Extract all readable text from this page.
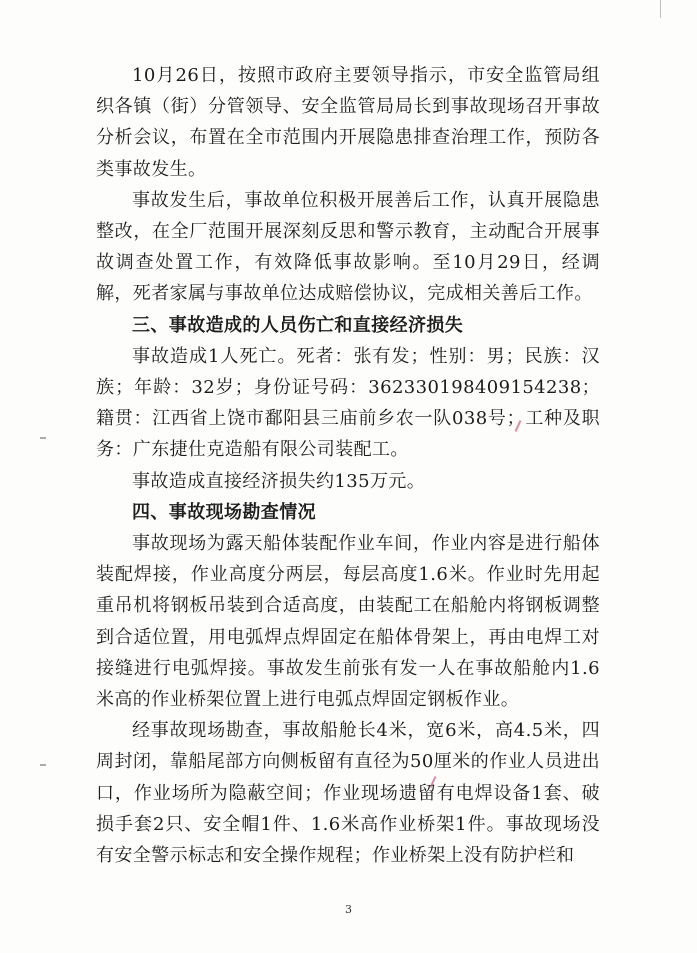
10月26日，按照市政府主要领导指示，市安全监管局组织各镇（街）分管领导、安全监管局局长到事故现场召开事故分析会议，布置在全市范围内开展隐患排查治理工作，预防各类事故发生。

事故发生后，事故单位积极开展善后工作，认真开展隐患整改，在全厂范围开展深刻反思和警示教育，主动配合开展事故调查处置工作，有效降低事故影响。至10月29日，经调解，死者家属与事故单位达成赔偿协议，完成相关善后工作。

三、事故造成的人员伤亡和直接经济损失

事故造成1人死亡。死者：张有发；性别：男；民族：汉族；年龄：32岁；身份证号码：362330198409154238；籍贯：江西省上饶市鄱阳县三庙前乡农一队038号；工种及职务：广东捷仕克造船有限公司装配工。

事故造成直接经济损失约135万元。

四、事故现场勘查情况

事故现场为露天船体装配作业车间，作业内容是进行船体装配焊接，作业高度分两层，每层高度1.6米。作业时先用起重吊机将钢板吊装到合适高度，由装配工在船舱内将钢板调整到合适位置，用电弧焊点焊固定在船体骨架上，再由电焊工对接缝进行电弧焊接。事故发生前张有发一人在事故船舱内1.6米高的作业桥架位置上进行电弧点焊固定钢板作业。

经事故现场勘查，事故船舱长4米，宽6米，高4.5米，四周封闭，靠船尾部方向侧板留有直径为50厘米的作业人员进出口，作业场所为隐蔽空间；作业现场遗留有电焊设备1套、破损手套2只、安全帽1件、1.6米高作业桥架1件。事故现场没有安全警示标志和安全操作规程；作业桥架上没有防护栏和

3
